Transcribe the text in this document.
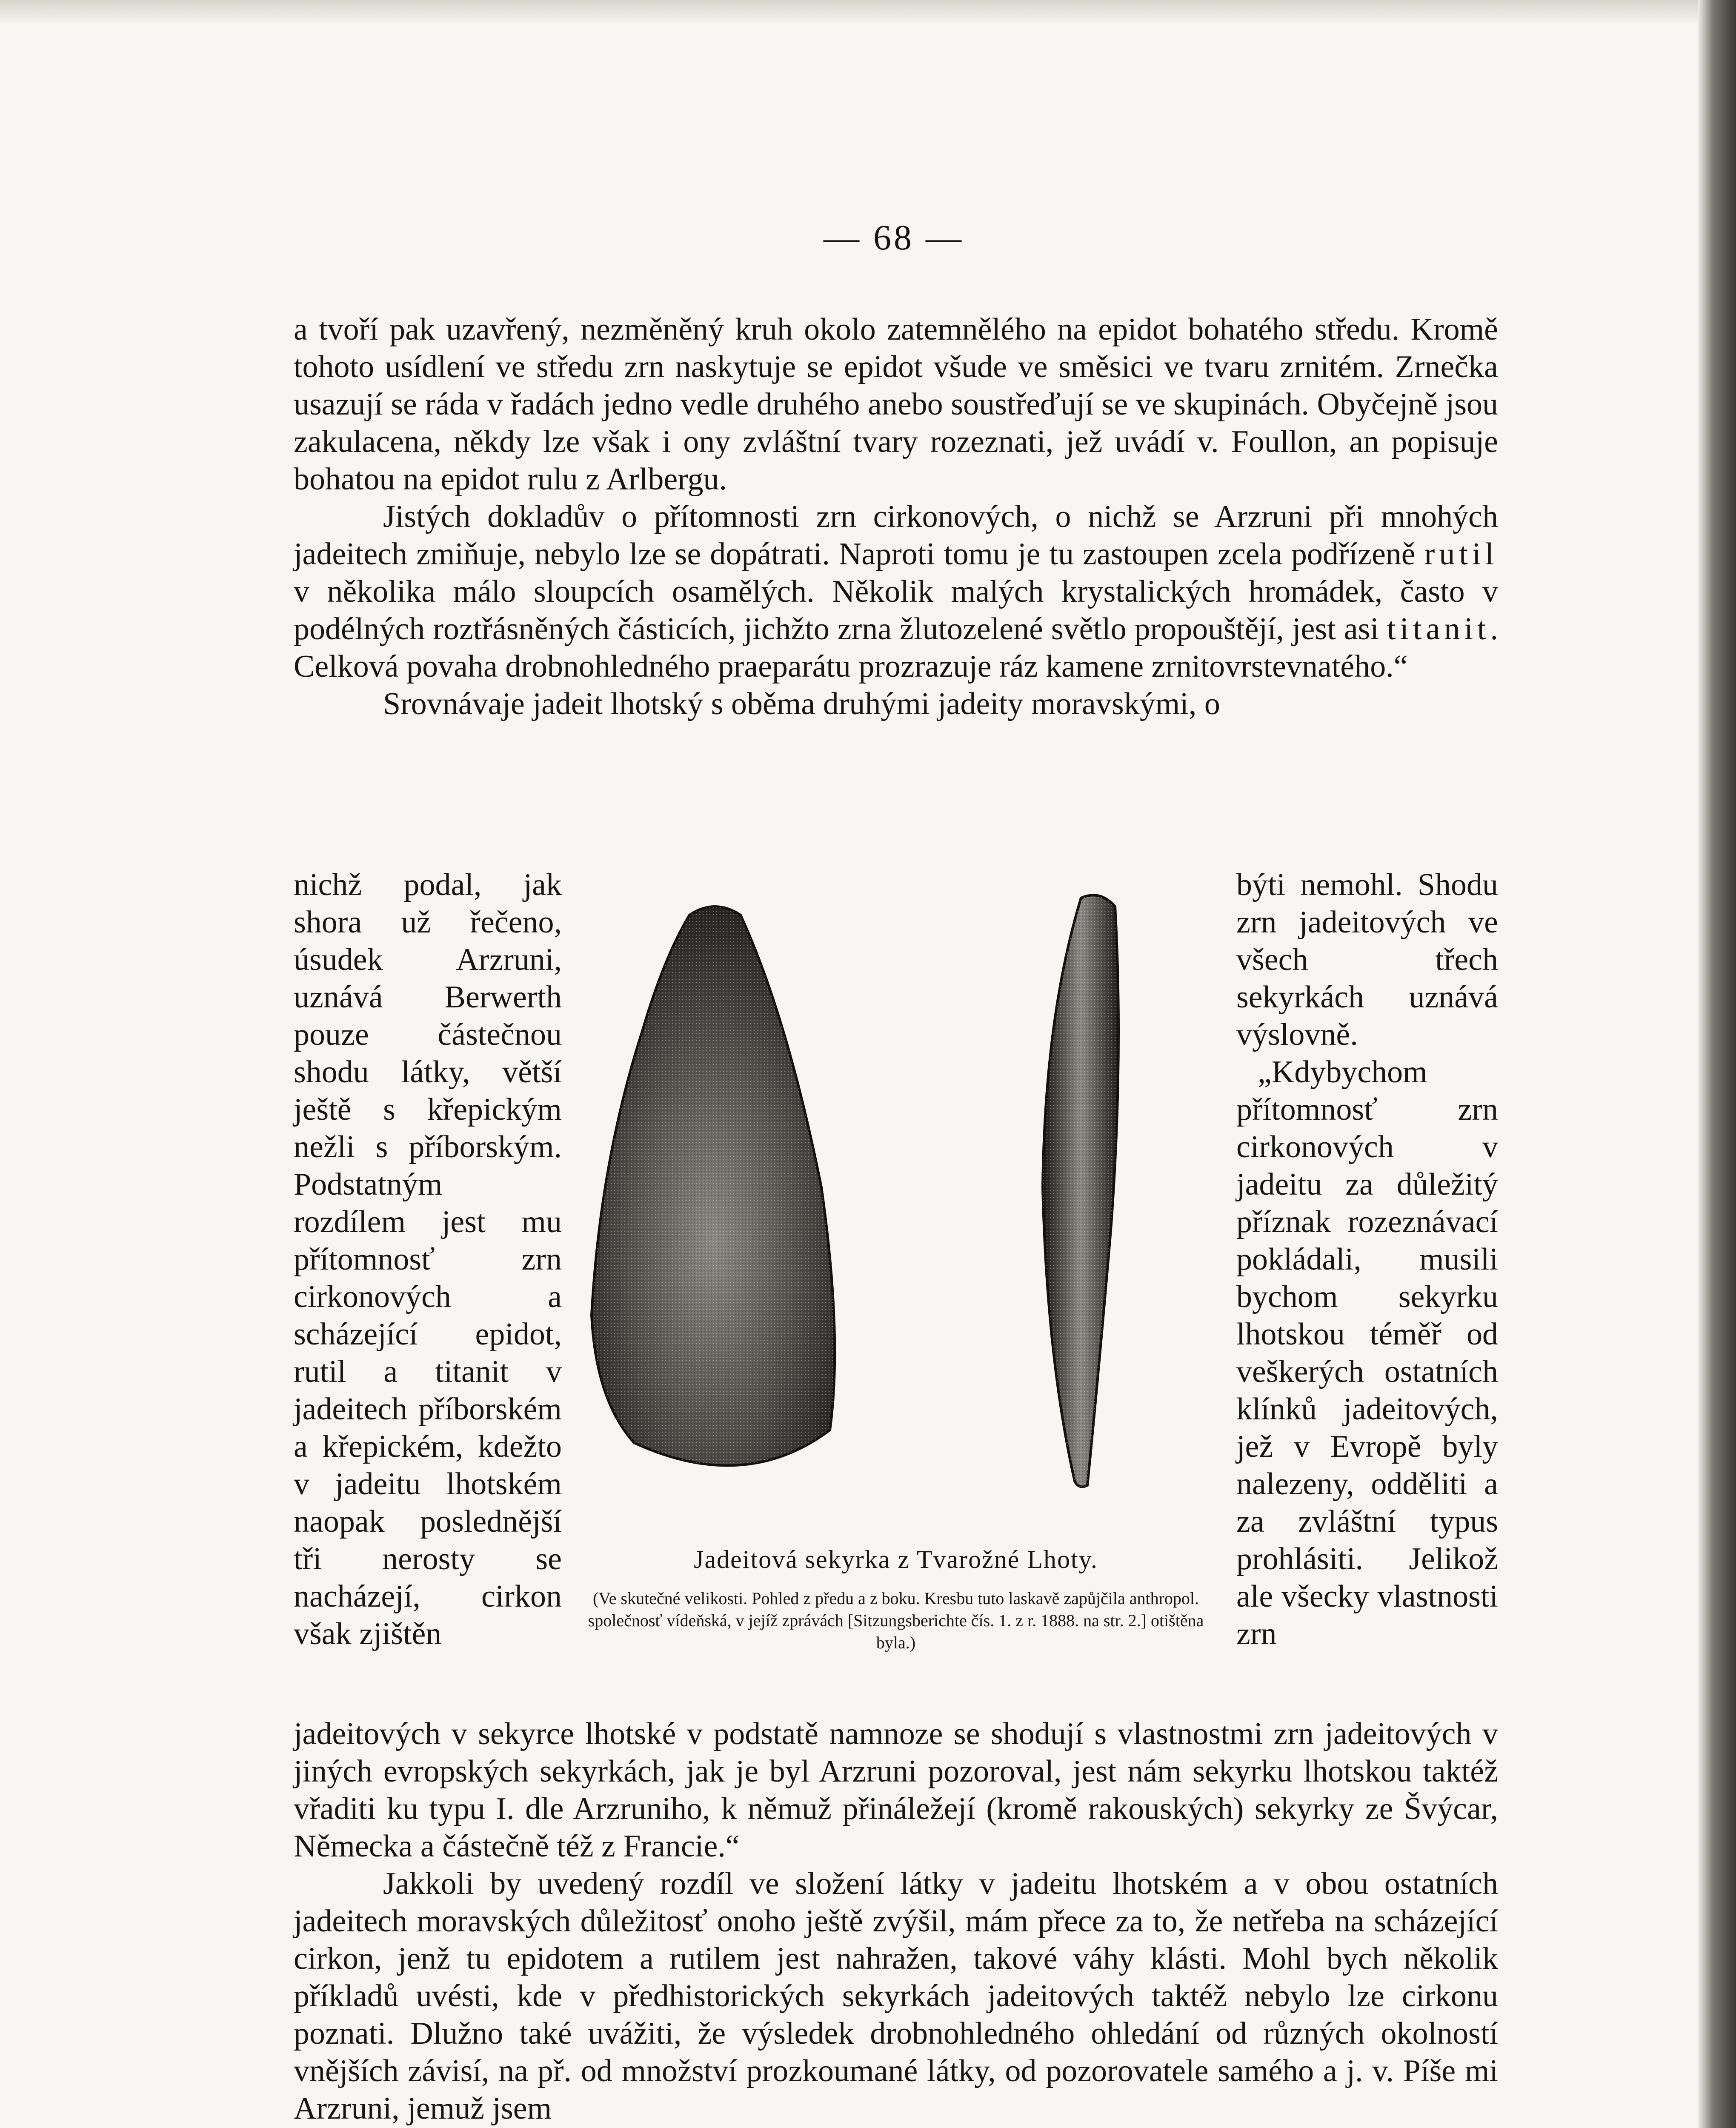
— 68 —

a tvoří pak uzavřený, nezměněný kruh okolo zatemnělého na epidot bohatého středu. Kromě tohoto usídlení ve středu zrn naskytuje se epidot všude ve směsici ve tvaru zrnitém. Zrnečka usazují se ráda v řadách jedno vedle druhého anebo soustřeďují se ve skupinách. Obyčejně jsou zakulacena, někdy lze však i ony zvláštní tvary rozeznati, jež uvádí v. Foullon, an popisuje bohatou na epidot rulu z Arlbergu.

Jistých dokladův o přítomnosti zrn cirkonových, o nichž se Arzruni při mnohých jadeitech zmiňuje, nebylo lze se dopátrati. Naproti tomu je tu zastoupen zcela podřízeně rutil v několika málo sloupcích osamělých. Několik malých krystalických hromádek, často v podélných roztřásněných částicích, jichžto zrna žlutozelené světlo propouštějí, jest asi titanit. Celková povaha drobnohledného praeparátu prozrazuje ráz kamene zrnitovrstevnatého.“

Srovnávaje jadeit lhotský s oběma druhými jadeity moravskými, o

nichž podal, jak shora už řečeno, úsudek Arzruni, uznává Berwerth pouze částečnou shodu látky, větší ještě s křepickým nežli s příborským. Podstatným rozdílem jest mu přítomnosť zrn cirkonových a scházející epidot, rutil a titanit v jadeitech příborském a křepickém, kdežto v jadeitu lhotském naopak poslednější tři nerosty se nacházejí, cirkon však zjištěn

Jadeitová sekyrka z Tvarožné Lhoty.
(Ve skutečné velikosti. Pohled z předu a z boku. Kresbu tuto laskavě zapůjčila anthropol. společnosť vídeňská, v jejíž zprávách [Sitzungsberichte čís. 1. z r. 1888. na str. 2.] otištěna byla.)

býti nemohl. Shodu zrn jadeitových ve všech třech sekyrkách uznává výslovně.

„Kdybychom přítomnosť zrn cirkonových v jadeitu za důležitý příznak rozeznávací pokládali, musili bychom sekyrku lhotskou téměř od veškerých ostatních klínků jadeitových, jež v Evropě byly nalezeny, odděliti a za zvláštní typus prohlásiti. Jelikož ale všecky vlastnosti zrn

jadeitových v sekyrce lhotské v podstatě namnoze se shodují s vlastnostmi zrn jadeitových v jiných evropských sekyrkách, jak je byl Arzruni pozoroval, jest nám sekyrku lhotskou taktéž vřaditi ku typu I. dle Arzruniho, k němuž přináležejí (kromě rakouských) sekyrky ze Švýcar, Německa a částečně též z Francie.“

Jakkoli by uvedený rozdíl ve složení látky v jadeitu lhotském a v obou ostatních jadeitech moravských důležitosť onoho ještě zvýšil, mám přece za to, že netřeba na scházející cirkon, jenž tu epidotem a rutilem jest nahražen, takové váhy klásti. Mohl bych několik příkladů uvésti, kde v předhistorických sekyrkách jadeitových taktéž nebylo lze cirkonu poznati. Dlužno také uvážiti, že výsledek drobnohledného ohledání od různých okolností vnějších závisí, na př. od množství prozkoumané látky, od pozorovatele samého a j. v. Píše mi Arzruni, jemuž jsem
